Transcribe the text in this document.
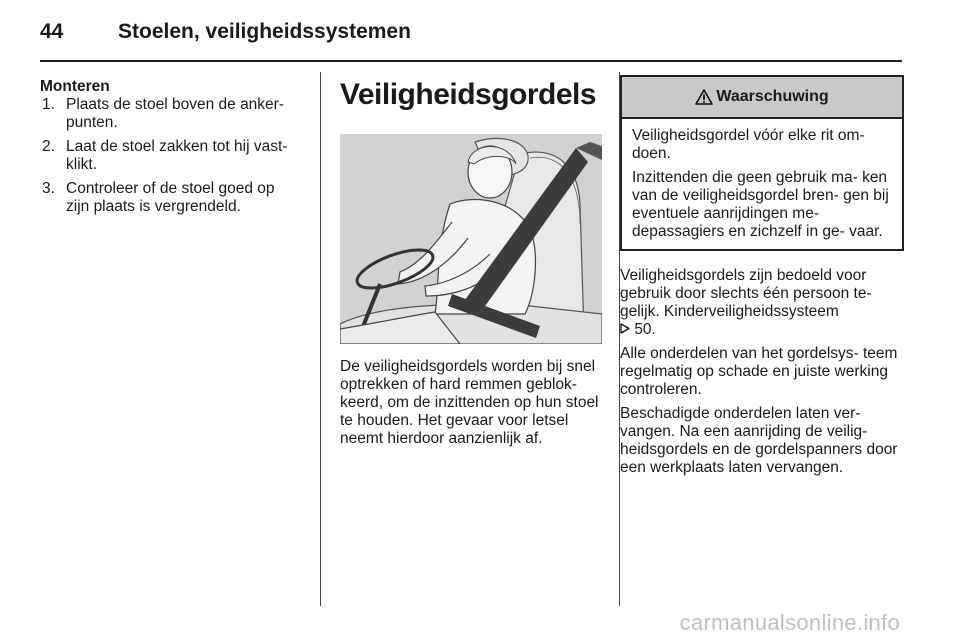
44	Stoelen, veiligheidssystemen

Monteren

1. Plaats de stoel boven de anker- punten.
2. Laat de stoel zakken tot hij vast- klikt.
3. Controleer of de stoel goed op zijn plaats is vergrendeld.
Veiligheidsgordels

De veiligheidsgordels worden bij snel optrekken of hard remmen geblok- keerd, om de inzittenden op hun stoel te houden. Het gevaar voor letsel neemt hierdoor aanzienlijk af.

Waarschuwing

Veiligheidsgordel vóór elke rit om- doen.

Inzittenden die geen gebruik ma- ken van de veiligheidsgordel bren- gen bij eventuele aanrijdingen me- depassagiers en zichzelf in ge- vaar.

Veiligheidsgordels zijn bedoeld voor gebruik door slechts één persoon te- gelijk. Kinderveiligheidssysteem
50.

Alle onderdelen van het gordelsys- teem regelmatig op schade en juiste werking controleren.

Beschadigde onderdelen laten ver- vangen. Na een aanrijding de veilig- heidsgordels en de gordelspanners door een werkplaats laten vervangen.

carmanualsonline.info
